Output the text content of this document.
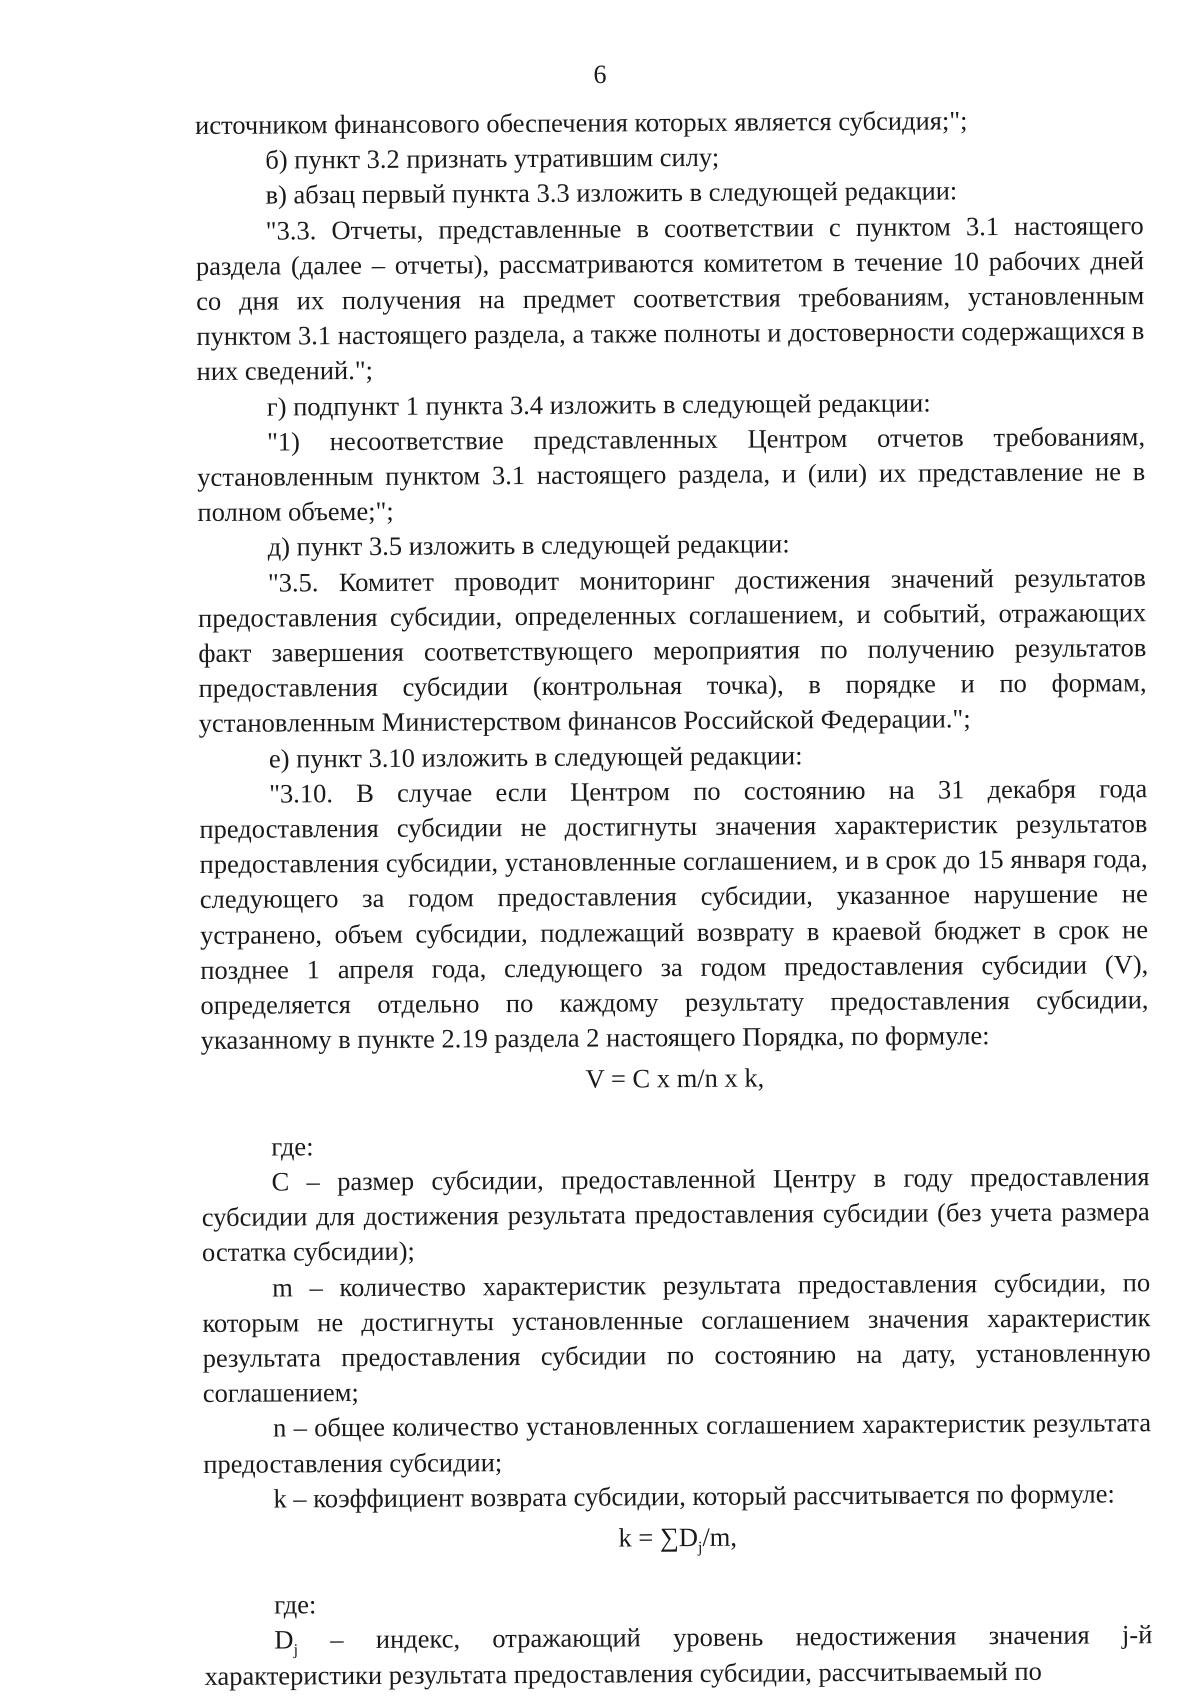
6

источником финансового обеспечения которых является субсидия;";

б) пункт 3.2 признать утратившим силу;

в) абзац первый пункта 3.3 изложить в следующей редакции:

"3.3. Отчеты, представленные в соответствии с пунктом 3.1 настоящего раздела (далее – отчеты), рассматриваются комитетом в течение 10 рабочих дней со дня их получения на предмет соответствия требованиям, установленным пунктом 3.1 настоящего раздела, а также полноты и достоверности содержащихся в них сведений.";

г) подпункт 1 пункта 3.4 изложить в следующей редакции:

"1) несоответствие представленных Центром отчетов требованиям, установленным пунктом 3.1 настоящего раздела, и (или) их представление не в полном объеме;";

д) пункт 3.5 изложить в следующей редакции:

"3.5. Комитет проводит мониторинг достижения значений результатов предоставления субсидии, определенных соглашением, и событий, отражающих факт завершения соответствующего мероприятия по получению результатов предоставления субсидии (контрольная точка), в порядке и по формам, установленным Министерством финансов Российской Федерации.";

е) пункт 3.10 изложить в следующей редакции:

"3.10. В случае если Центром по состоянию на 31 декабря года предоставления субсидии не достигнуты значения характеристик результатов предоставления субсидии, установленные соглашением, и в срок до 15 января года, следующего за годом предоставления субсидии, указанное нарушение не устранено, объем субсидии, подлежащий возврату в краевой бюджет в срок не позднее 1 апреля года, следующего за годом предоставления субсидии (V), определяется отдельно по каждому результату предоставления субсидии, указанному в пункте 2.19 раздела 2 настоящего Порядка, по формуле:

V = C x m/n x k,

где:

C – размер субсидии, предоставленной Центру в году предоставления субсидии для достижения результата предоставления субсидии (без учета размера остатка субсидии);

m – количество характеристик результата предоставления субсидии, по которым не достигнуты установленные соглашением значения характеристик результата предоставления субсидии по состоянию на дату, установленную соглашением;

n – общее количество установленных соглашением характеристик результата предоставления субсидии;

k – коэффициент возврата субсидии, который рассчитывается по формуле:

$k = \sum D_j/m$,

где:

$D_j$ – индекс, отражающий уровень недостижения значения j-й характеристики результата предоставления субсидии, рассчитываемый по
